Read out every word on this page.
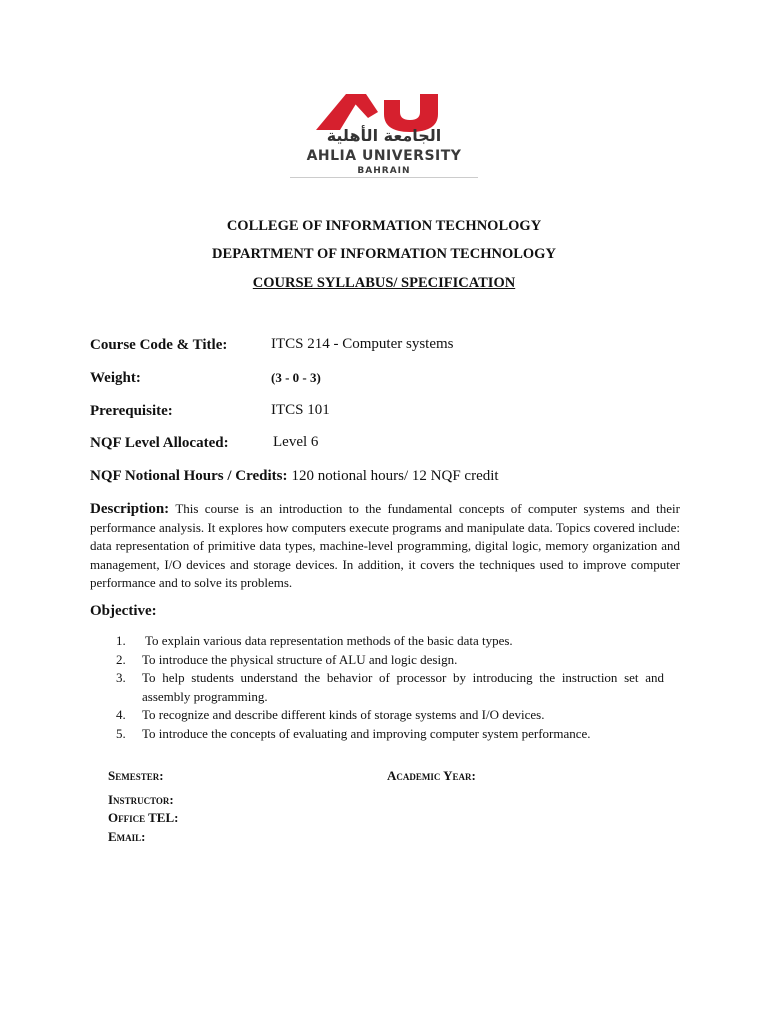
الجامعة الأهلية
AHLIA UNIVERSITY
BAHRAIN
COLLEGE OF INFORMATION TECHNOLOGY
DEPARTMENT OF INFORMATION TECHNOLOGY
COURSE SYLLABUS/ SPECIFICATION
Course Code & Title:	ITCS 214 - Computer systems
Weight:	(3 - 0 - 3)
Prerequisite:	ITCS 101
NQF Level Allocated:	Level 6
NQF Notional Hours / Credits: 120 notional hours/ 12 NQF credit
Description: This course is an introduction to the fundamental concepts of computer systems and their performance analysis. It explores how computers execute programs and manipulate data. Topics covered include: data representation of primitive data types, machine-level programming, digital logic, memory organization and management, I/O devices and storage devices. In addition, it covers the techniques used to improve computer performance and to solve its problems.
Objective:
1. To explain various data representation methods of the basic data types.
2. To introduce the physical structure of ALU and logic design.
3. To help students understand the behavior of processor by introducing the instruction set and assembly programming.
4. To recognize and describe different kinds of storage systems and I/O devices.
5. To introduce the concepts of evaluating and improving computer system performance.
Semester:	Academic Year:
Instructor:
Office TEL:
Email:
